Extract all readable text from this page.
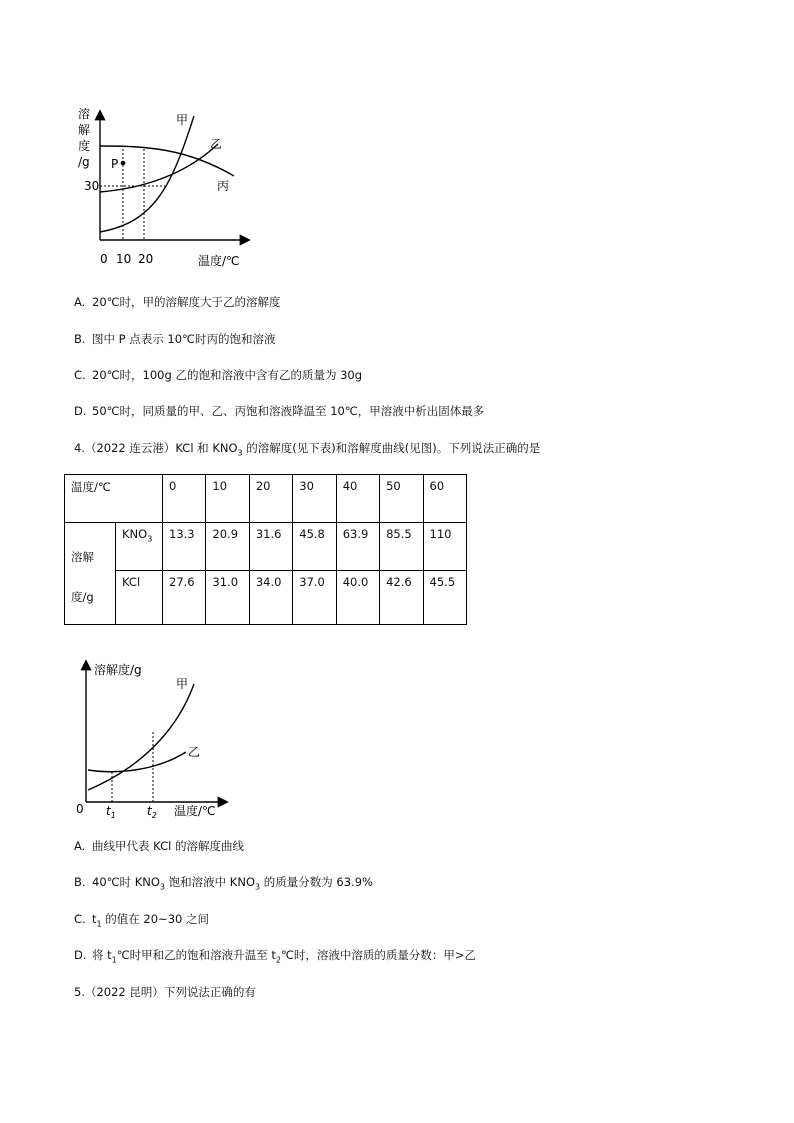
溶
解
度
/g
30
P
甲
乙
丙
0 10 20	温度/℃
A. 20℃时，甲的溶解度大于乙的溶解度
B. 图中 P 点表示 10℃时丙的饱和溶液
C. 20℃时，100g 乙的饱和溶液中含有乙的质量为 30g
D. 50℃时，同质量的甲、乙、丙饱和溶液降温至 10℃，甲溶液中析出固体最多
4.（2022 连云港）KCl 和 $KNO_3$ 的溶解度(见下表)和溶解度曲线(见图)。下列说法正确的是
温度/℃		0	10	20	30	40	50	60
溶解
度/g	$KNO_3$	13.3	20.9	31.6	45.8	63.9	85.5	110
	KCl	27.6	31.0	34.0	37.0	40.0	42.6	45.5
溶解度/g
0 $t_1$	$t_2$ 温度/℃
甲
乙
A. 曲线甲代表 KCl 的溶解度曲线
B. 40℃时 $KNO_3$ 饱和溶液中 $KNO_3$ 的质量分数为 63.9%
C. $t_1$ 的值在 20~30 之间
D. 将 $t_1℃$时甲和乙的饱和溶液升温至 $t_2℃$时，溶液中溶质的质量分数：甲>乙
5.（2022 昆明）下列说法正确的有
